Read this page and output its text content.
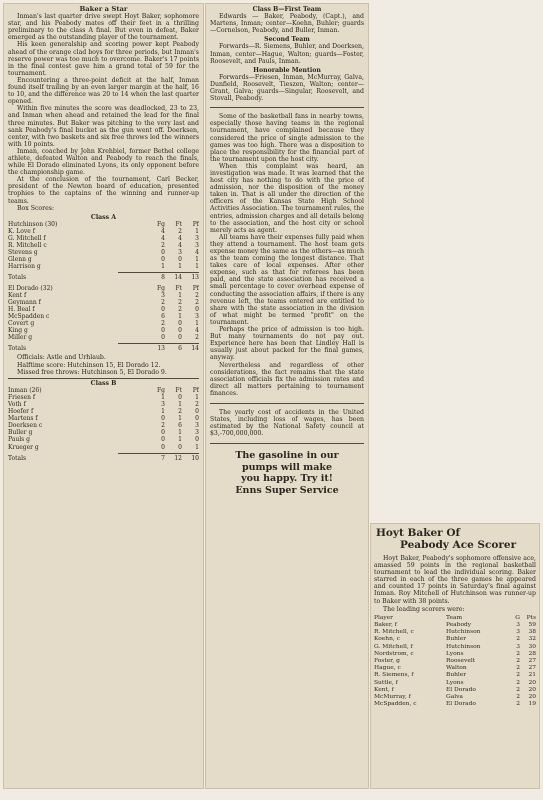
Baker a Star

Inman's last quarter drive swept Hoyt Baker, sophomore star, and his Peabody mates off their feet in a thrilling preliminary to the class A final. But even in defeat, Baker emerged as the outstanding player of the tournament.

His keen generalship and scoring power kept Peabody ahead of the orange clad boys for three periods, but Inman's reserve power was too much to overcome. Baker's 17 points in the final contest gave him a grand total of 59 for the tournament.

Encountering a three-point deficit at the half, Inman found itself trailing by an even larger margin at the half, 16 to 10, and the difference was 20 to 14 when the last quarter opened.

Within five minutes the score was deadlocked, 23 to 23, and Inman when ahead and retained the lead for the final three minutes. But Baker was pitching to the very last and sank Peabody's final bucket as the gun went off. Doerksen, center, with two baskets and six free throws led the winners with 10 points.

Inman, coached by John Krehbiel, former Bethel college athlete, defeated Walton and Peabody to reach the finals, while El Dorado eliminated Lyons, its only opponent before the championship game.

At the conclusion of the tournament, Carl Becker, president of the Newton board of education, presented trophies to the captains of the winning and runner-up teams.

Box Scores:

Class A

Hutchinson (30)	Fg	Ft	Pf
K. Love f	4	2	1
G. Mitchell f	4	4	3
R. Mitchell c	2	4	3
Stevens g	0	3	4
Glenn g	0	0	1
Harrison g	1	1	1
Totals	8	14	13
El Dorado (32)	Fg	Ft	Pf
Kent f	3	1	2
Geymann f	2	2	2
H. Beal f	0	2	0
McSpadden c	6	1	3
Covert g	2	0	1
King g	0	0	4
Miller g	0	0	2
Totals	13	6	14

Officials: Astle and Urhlaub.

Halftime score: Hutchinson 15, El Dorado 12.

Missed free throws: Hutchinson 5, El Dorado 9.

Class B

Inman (26)	Fg	Ft	Pf
Friesen f	1	0	1
Voth f	3	1	2
Hoefer f	1	2	0
Martens f	0	1	0
Doerksen c	2	6	3
Buller g	0	1	3
Pauls g	0	1	0
Krueger g	0	0	1
Totals	7	12	10

Class B—First Team

Edwards — Baker, Peabody, (Capt.), and Martens, Inman; center—Koehn, Buhler; guards—Cornelson, Peabody, and Buller, Inman.

Second Team

Forwards—R. Siemens, Buhler, and Doerksen, Inman, center—Hague, Walton; guards—Foster, Roosevelt, and Pauls, Inman.

Honorable Mention

Forwards—Friesen, Inman, McMurray, Galva, Dunfield, Roosevelt, Tieszen, Walton; center—Grant, Galva; guards—Singular, Roosevelt, and Stovall, Peabody.

Some of the basketball fans in nearby towns, especially those having teams in the regional tournament, have complained because they considered the price of single admission to the games was too high. There was a disposition to place the responsibility for the financial part of the tournament upon the host city.

When this complaint was heard, an investigation was made. It was learned that the host city has nothing to do with the price of admission, nor the disposition of the money taken in. That is all under the direction of the officers of the Kansas State High School Activities Association. The tournament rules, the entries, admission charges and all details belong to the association, and the host city or school merely acts as agent.

All teams have their expenses fully paid when they attend a tournament. The host team gets expense money the same as the others—as much as the team coming the longest distance. That takes care of local expenses. After other expense, such as that for referees has been paid, and the state association has received a small percentage to cover overhead expense of conducting the association affairs, if there is any revenue left, the teams entered are entitled to share with the state association in the division of what might be termed "profit" on the tournament.

Perhaps the price of admission is too high. But many tournaments do not pay out. Experience here has been that Lindley Hall is usually just about packed for the final games, anyway.

Nevertheless and regardless of other considerations, the fact remains that the state association officials fix the admission rates and direct all matters pertaining to tournament finances.

The yearly cost of accidents in the United States, including loss of wages, has been estimated by the National Safety council at $3,-700,000,000.

The gasoline in our

pumps will make

you happy. Try it!

Enns Super Service

Hoyt Baker Of
Peabody Ace Scorer

Hoyt Baker, Peabody's sophomore offensive ace, amassed 59 points in the regional basketball tournament to lead the individual scoring. Baker starred in each of the three games he appeared and counted 17 points in Saturday's final against Inman. Roy Mitchell of Hutchinson was runner-up to Baker with 38 points.

The leading scorers were:

Player	Team	G	Pts
Baker, f	Peabody	3	59
R. Mitchell, c	Hutchinson	3	38
Koehn, c	Buhler	2	32
G. Mitchell, f	Hutchinson	3	30
Nordstrom, c	Lyons	2	28
Foster, g	Roosevelt	2	27
Hague, c	Walton	2	27
R. Siemens, f	Buhler	2	21
Suttle, f	Lyons	2	20
Kent, f	El Dorado	2	20
McMurray, f	Galva	2	20
McSpadden, c	El Dorado	2	19
